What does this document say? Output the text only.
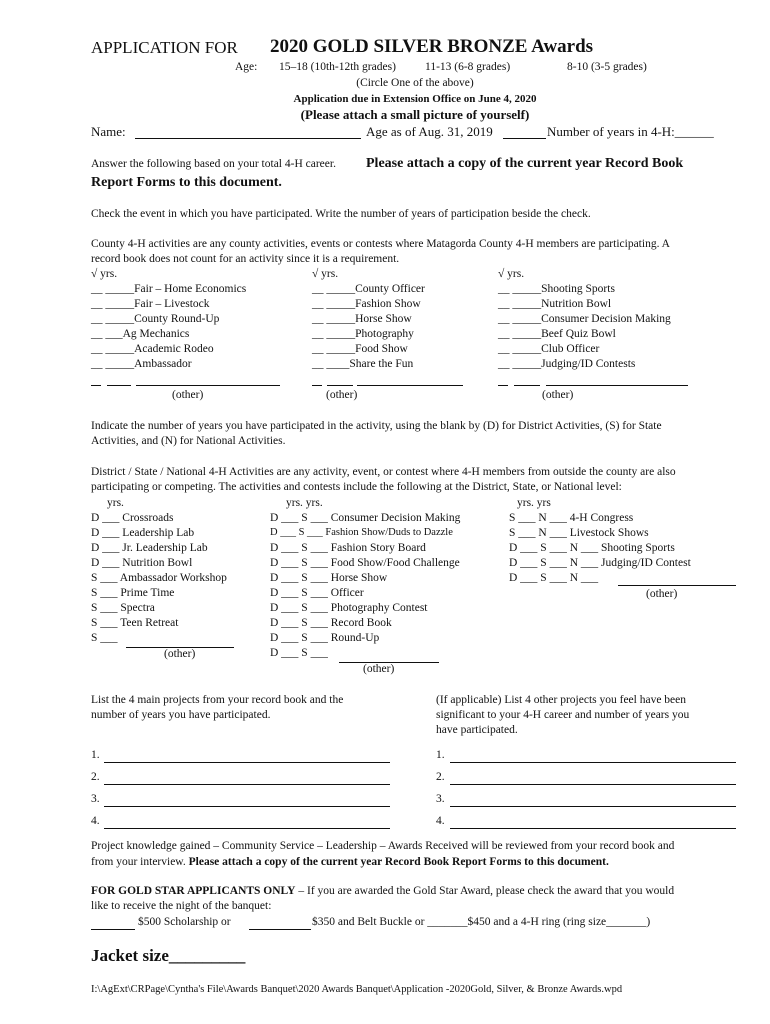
APPLICATION FOR 2020 GOLD SILVER BRONZE Awards
Age: 15–18 (10th-12th grades)	11-13 (6-8 grades)	8-10 (3-5 grades)
(Circle One of the above)
Application due in Extension Office on June 4, 2020
(Please attach a small picture of yourself)
Name:	Age as of Aug. 31, 2019	Number of years in 4-H:______
Answer the following based on your total 4-H career. Please attach a copy of the current year Record Book
Report Forms to this document.
Check the event in which you have participated. Write the number of years of participation beside the check.
County 4-H activities are any county activities, events or contests where Matagorda County 4-H members are participating. A
record book does not count for an activity since it is a requirement.
√ yrs.
__ _____Fair – Home Economics
__ _____Fair – Livestock
__ _____County Round-Up
__ ___Ag Mechanics
__ _____Academic Rodeo
__ _____Ambassador
√ yrs.
__ _____County Officer
__ _____Fashion Show
__ _____Horse Show
__ _____Photography
__ _____Food Show
__ ____Share the Fun
√ yrs.
__ _____Shooting Sports
__ _____Nutrition Bowl
__ _____Consumer Decision Making
__ _____Beef Quiz Bowl
__ _____Club Officer
__ _____Judging/ID Contests
(other)	(other)	(other)
Indicate the number of years you have participated in the activity, using the blank by (D) for District Activities, (S) for State
Activities, and (N) for National Activities.
District / State / National 4-H Activities are any activity, event, or contest where 4-H members from outside the county are also
participating or competing. The activities and contests include the following at the District, State, or National level:
yrs.
D ___ Crossroads
D ___ Leadership Lab
D ___ Jr. Leadership Lab
D ___ Nutrition Bowl
S ___ Ambassador Workshop
S ___ Prime Time
S ___ Spectra
S ___ Teen Retreat
S ___
(other)
yrs. yrs.
D ___ S ___ Consumer Decision Making
D ___ S ___ Fashion Show/Duds to Dazzle
D ___ S ___ Fashion Story Board
D ___ S ___ Food Show/Food Challenge
D ___ S ___ Horse Show
D ___ S ___ Officer
D ___ S ___ Photography Contest
D ___ S ___ Record Book
D ___ S ___ Round-Up
D ___ S ___
(other)
yrs. yrs
S ___ N ___ 4-H Congress
S ___ N ___ Livestock Shows
D ___ S ___ N ___ Shooting Sports
D ___ S ___ N ___ Judging/ID Contest
D ___ S ___ N ___
(other)
List the 4 main projects from your record book and the
number of years you have participated.
(If applicable) List 4 other projects you feel have been
significant to your 4-H career and number of years you
have participated.
1.
2.
3.
4.
1.
2.
3.
4.
Project knowledge gained – Community Service – Leadership – Awards Received will be reviewed from your record book and
from your interview. Please attach a copy of the current year Record Book Report Forms to this document.
FOR GOLD STAR APPLICANTS ONLY – If you are awarded the Gold Star Award, please check the award that you would
like to receive the night of the banquet:
$500 Scholarship or	$350 and Belt Buckle or _______$450 and a 4-H ring (ring size_______)
Jacket size_________
I:\AgExt\CRPage\Cyntha's File\Awards Banquet\2020 Awards Banquet\Application -2020Gold, Silver, & Bronze Awards.wpd
